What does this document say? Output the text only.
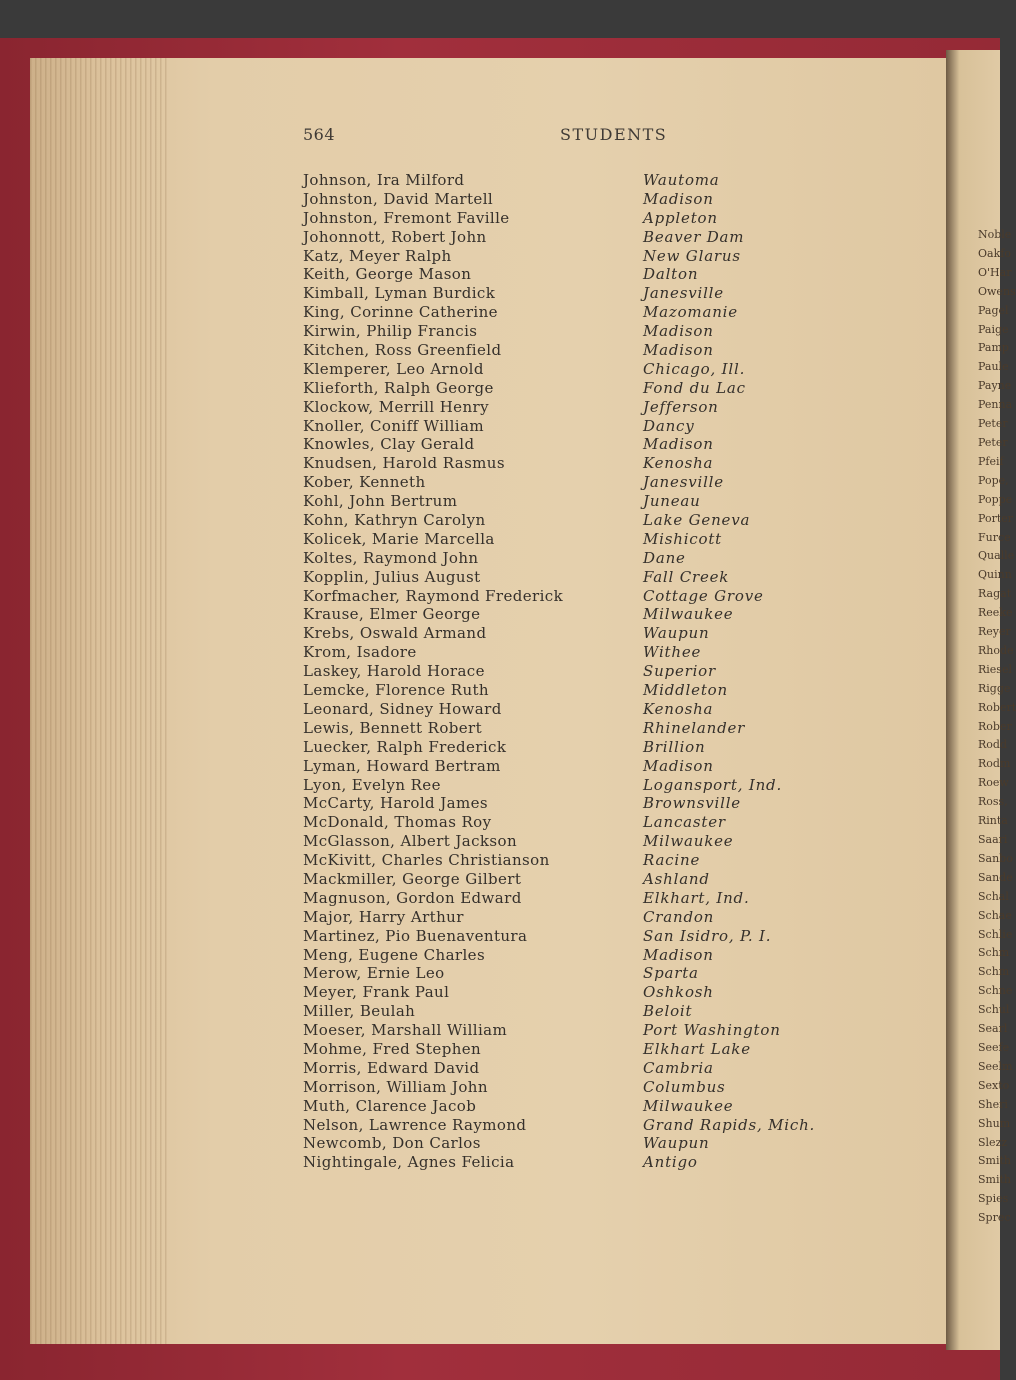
Noble
Oakfo
O'Har
Owens
Pagel
Paige
Pamp
Paule
Payne
Penna
Peter
Peter
Pfeif
Pope,
Poppe
Porter
Furce
Qualle
Quinn
Ragat
Reeke
Reyer
Rhode
Riesel
Rigge
Robert
Rober
Rodd
Rodm
Roew
Ross,
Rinta
Saari
Sanbo
Sande
Schal
Schae
Schlie
Schm
Schm
Schne
Schul
Searl
Seefe
Seelm
Sexto
Sheri
Shum
Slezz
Smith
Smith
Spies
Sprec
564	STUDENTS
Johnson, Ira Milford	Wautoma
Johnston, David Martell	Madison
Johnston, Fremont Faville	Appleton
Johonnott, Robert John	Beaver Dam
Katz, Meyer Ralph	New Glarus
Keith, George Mason	Dalton
Kimball, Lyman Burdick	Janesville
King, Corinne Catherine	Mazomanie
Kirwin, Philip Francis	Madison
Kitchen, Ross Greenfield	Madison
Klemperer, Leo Arnold	Chicago, Ill.
Klieforth, Ralph George	Fond du Lac
Klockow, Merrill Henry	Jefferson
Knoller, Coniff William	Dancy
Knowles, Clay Gerald	Madison
Knudsen, Harold Rasmus	Kenosha
Kober, Kenneth	Janesville
Kohl, John Bertrum	Juneau
Kohn, Kathryn Carolyn	Lake Geneva
Kolicek, Marie Marcella	Mishicott
Koltes, Raymond John	Dane
Kopplin, Julius August	Fall Creek
Korfmacher, Raymond Frederick	Cottage Grove
Krause, Elmer George	Milwaukee
Krebs, Oswald Armand	Waupun
Krom, Isadore	Withee
Laskey, Harold Horace	Superior
Lemcke, Florence Ruth	Middleton
Leonard, Sidney Howard	Kenosha
Lewis, Bennett Robert	Rhinelander
Luecker, Ralph Frederick	Brillion
Lyman, Howard Bertram	Madison
Lyon, Evelyn Ree	Logansport, Ind.
McCarty, Harold James	Brownsville
McDonald, Thomas Roy	Lancaster
McGlasson, Albert Jackson	Milwaukee
McKivitt, Charles Christianson	Racine
Mackmiller, George Gilbert	Ashland
Magnuson, Gordon Edward	Elkhart, Ind.
Major, Harry Arthur	Crandon
Martinez, Pio Buenaventura	San Isidro, P. I.
Meng, Eugene Charles	Madison
Merow, Ernie Leo	Sparta
Meyer, Frank Paul	Oshkosh
Miller, Beulah	Beloit
Moeser, Marshall William	Port Washington
Mohme, Fred Stephen	Elkhart Lake
Morris, Edward David	Cambria
Morrison, William John	Columbus
Muth, Clarence Jacob	Milwaukee
Nelson, Lawrence Raymond	Grand Rapids, Mich.
Newcomb, Don Carlos	Waupun
Nightingale, Agnes Felicia	Antigo
